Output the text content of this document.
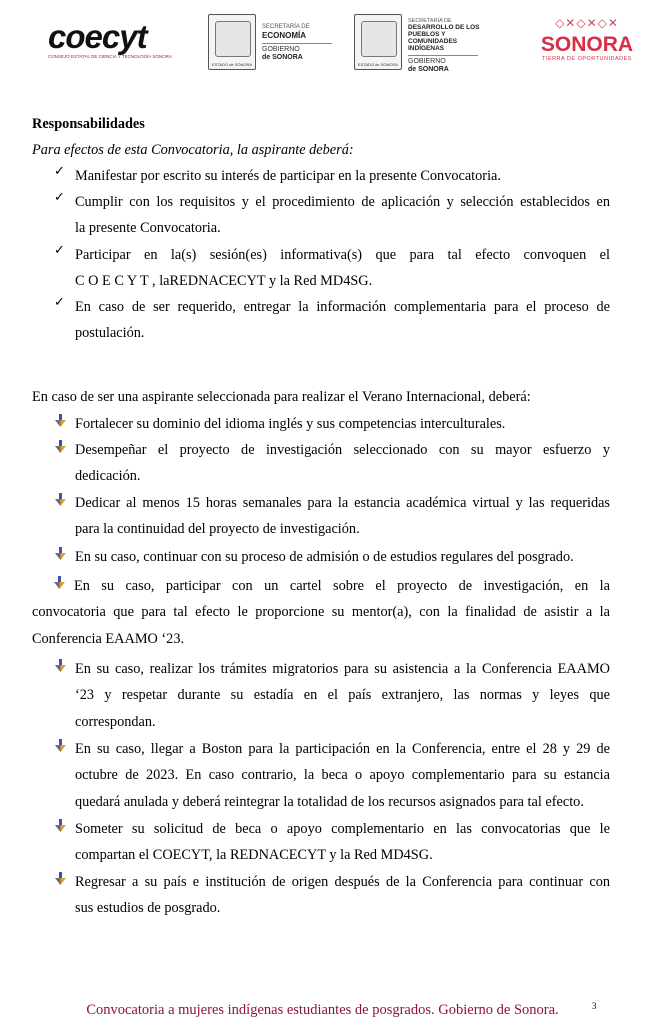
coecyt
CONSEJO ESTATAL DE CIENCIA Y TECNOLOGÍA SONORA
ESTADO de SONORA
SECRETARÍA DE
ECONOMÍA
GOBIERNO
de SONORA
ESTADO de SONORA
SECRETARÍA DE
DESARROLLO DE LOS
PUEBLOS Y COMUNIDADES
INDÍGENAS
GOBIERNO
de SONORA
◇✕◇✕◇✕
SONORA
TIERRA DE OPORTUNIDADES
Responsabilidades
Para efectos de esta Convocatoria, la aspirante deberá:
✓ Manifestar por escrito su interés de participar en la presente Convocatoria.
✓ Cumplir con los requisitos y el procedimiento de aplicación y selección establecidos en
la presente Convocatoria.
✓ Participar en la(s) sesión(es) informativa(s) que para tal efecto convoquen el
C O E C Y T , laREDNACECYT y la Red MD4SG.
✓ En caso de ser requerido, entregar la información complementaria para el proceso de
postulación.
En caso de ser una aspirante seleccionada para realizar el Verano Internacional, deberá:
Fortalecer su dominio del idioma inglés y sus competencias interculturales.
Desempeñar el proyecto de investigación seleccionado con su mayor esfuerzo y
dedicación.
Dedicar al menos 15 horas semanales para la estancia académica virtual y las requeridas
para la continuidad del proyecto de investigación.
En su caso, continuar con su proceso de admisión o de estudios regulares del posgrado.
En su caso, participar con un cartel sobre el proyecto de investigación, en la
convocatoria que para tal efecto le proporcione su mentor(a), con la finalidad de asistir a la
Conferencia EAAMO ‘23.
En su caso, realizar los trámites migratorios para su asistencia a la Conferencia EAAMO
‘23 y respetar durante su estadía en el país extranjero, las normas y leyes que
correspondan.
En su caso, llegar a Boston para la participación en la Conferencia, entre el 28 y 29 de
octubre de 2023. En caso contrario, la beca o apoyo complementario para su estancia
quedará anulada y deberá reintegrar la totalidad de los recursos asignados para tal efecto.
Someter su solicitud de beca o apoyo complementario en las convocatorias que le
compartan el COECYT, la REDNACECYT y la Red MD4SG.
Regresar a su país e institución de origen después de la Conferencia para continuar con
sus estudios de posgrado.
Convocatoria a mujeres indígenas estudiantes de posgrados. Gobierno de Sonora.	3
